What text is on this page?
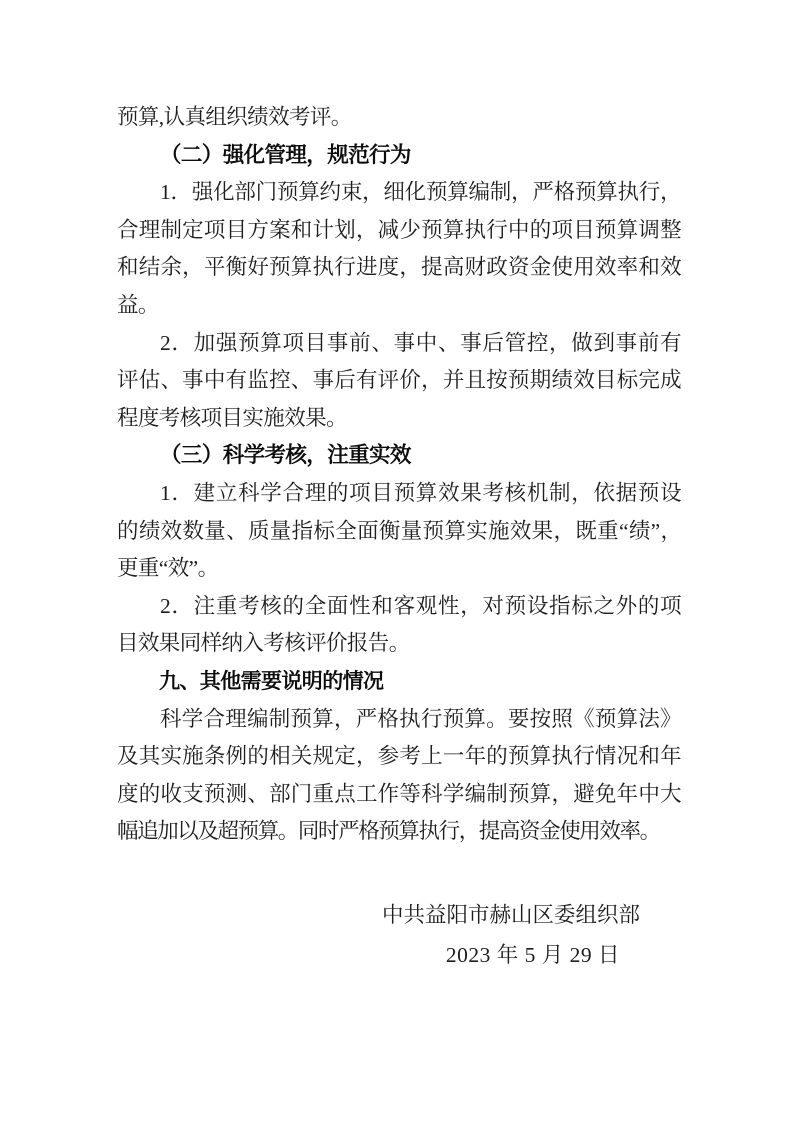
预算,认真组织绩效考评。
（二）强化管理，规范行为
1．强化部门预算约束，细化预算编制，严格预算执行，
合理制定项目方案和计划，减少预算执行中的项目预算调整
和结余，平衡好预算执行进度，提高财政资金使用效率和效
益。
2．加强预算项目事前、事中、事后管控，做到事前有
评估、事中有监控、事后有评价，并且按预期绩效目标完成
程度考核项目实施效果。
（三）科学考核，注重实效
1．建立科学合理的项目预算效果考核机制，依据预设
的绩效数量、质量指标全面衡量预算实施效果，既重“绩”，
更重“效”。
2．注重考核的全面性和客观性，对预设指标之外的项
目效果同样纳入考核评价报告。
九、其他需要说明的情况
科学合理编制预算，严格执行预算。要按照《预算法》
及其实施条例的相关规定，参考上一年的预算执行情况和年
度的收支预测、部门重点工作等科学编制预算，避免年中大
幅追加以及超预算。同时严格预算执行，提高资金使用效率。
中共益阳市赫山区委组织部
2023 年 5 月 29 日
